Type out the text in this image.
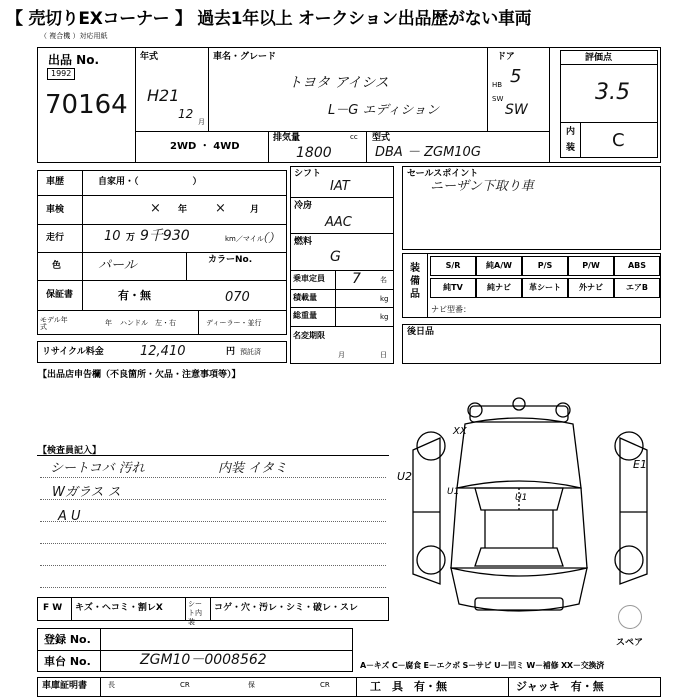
【 売切りEXコーナー 】 過去1年以上 オークション出品歴がない車両
（ 複合機 ）対応用紙
出品 No.
1992
70164
年式
H21
12
月
車名・グレード
トヨタ アイシス
L－G エディション
ドア
5
SW
HB
SW
評価点
3.5
内
装 C
2WD ・ 4WD
排気量	cc
1800
型式
DBA － ZGM10G
車歴	自家用・（　　　　　　）
車検	× 年 ×	月
走行	10 万 9千930	km／マイル
（）
色	パール	カラーNo.
保証書	有・無	070
モデル年式	年 ハンドル 左・右	ディーラー・並行
リサイクル料金	12,410	円 預託済
シフト
IAT
冷房
AAC
燃料
G
乗車定員 7	名
積載量	kg
総重量	kg
名変期限
月	日
セールスポイント
ニーザン下取り車
装備品
S/R	純A/W	P/S	P/W	ABS
純TV	純ナビ	革シート	外ナビ	エアB
ナビ型番：
後日品
【出品店申告欄（不良箇所・欠品・注意事項等）】
【検査員記入】
シートコバ 汚れ	内装 イタミ
Wガラス ス
A U
XX
U1
U1
U2
E1
スペア
F W キズ・ヘコミ・割レX	シート内装
コゲ・穴・汚レ・シミ・破レ・スレ
登録 No.
車台 No.	ZGM10－0008562	A－キズ C－腐食 E－エクボ S－サビ U－凹ミ W－補修 XX－交換済
車庫証明書	長	CR	保	CR	工　具　有・無	ジャッキ　有・無
